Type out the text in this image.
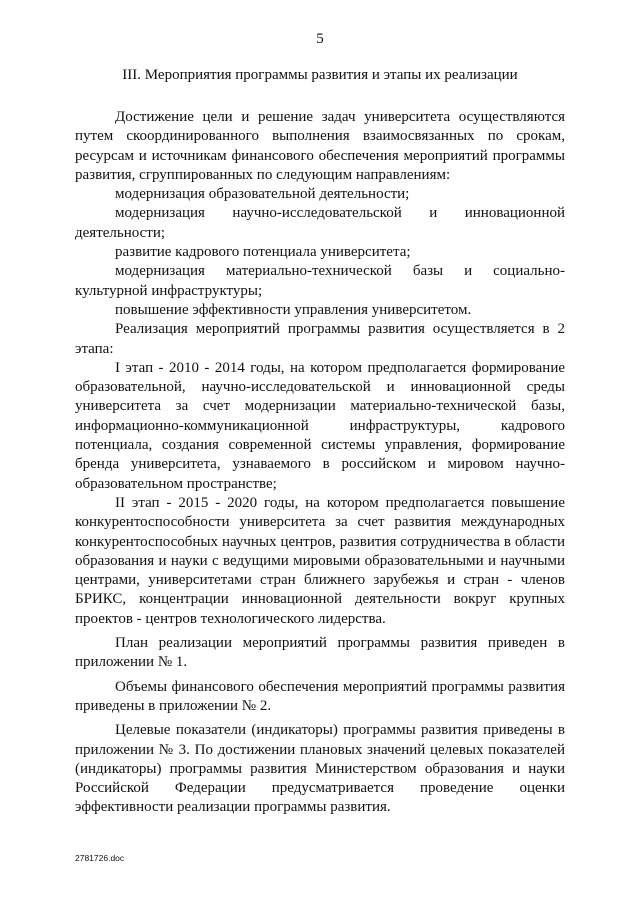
5
III. Мероприятия программы развития и этапы их реализации

Достижение цели и решение задач университета осуществляются путем скоординированного выполнения взаимосвязанных по срокам, ресурсам и источникам финансового обеспечения мероприятий программы развития, сгруппированных по следующим направлениям:

модернизация образовательной деятельности;

модернизация научно-исследовательской и инновационной деятельности;

развитие кадрового потенциала университета;

модернизация материально-технической базы и социально-культурной инфраструктуры;

повышение эффективности управления университетом.

Реализация мероприятий программы развития осуществляется в 2 этапа:

I этап - 2010 - 2014 годы, на котором предполагается формирование образовательной, научно-исследовательской и инновационной среды университета за счет модернизации материально-технической базы, информационно-коммуникационной инфраструктуры, кадрового потенциала, создания современной системы управления, формирование бренда университета, узнаваемого в российском и мировом научно-образовательном пространстве;

II этап - 2015 - 2020 годы, на котором предполагается повышение конкурентоспособности университета за счет развития международных конкурентоспособных научных центров, развития сотрудничества в области образования и науки с ведущими мировыми образовательными и научными центрами, университетами стран ближнего зарубежья и стран - членов БРИКС, концентрации инновационной деятельности вокруг крупных проектов - центров технологического лидерства.

План реализации мероприятий программы развития приведен в приложении № 1.

Объемы финансового обеспечения мероприятий программы развития приведены в приложении № 2.

Целевые показатели (индикаторы) программы развития приведены в приложении № 3. По достижении плановых значений целевых показателей (индикаторы) программы развития Министерством образования и науки Российской Федерации предусматривается проведение оценки эффективности реализации программы развития.

2781726.doc
